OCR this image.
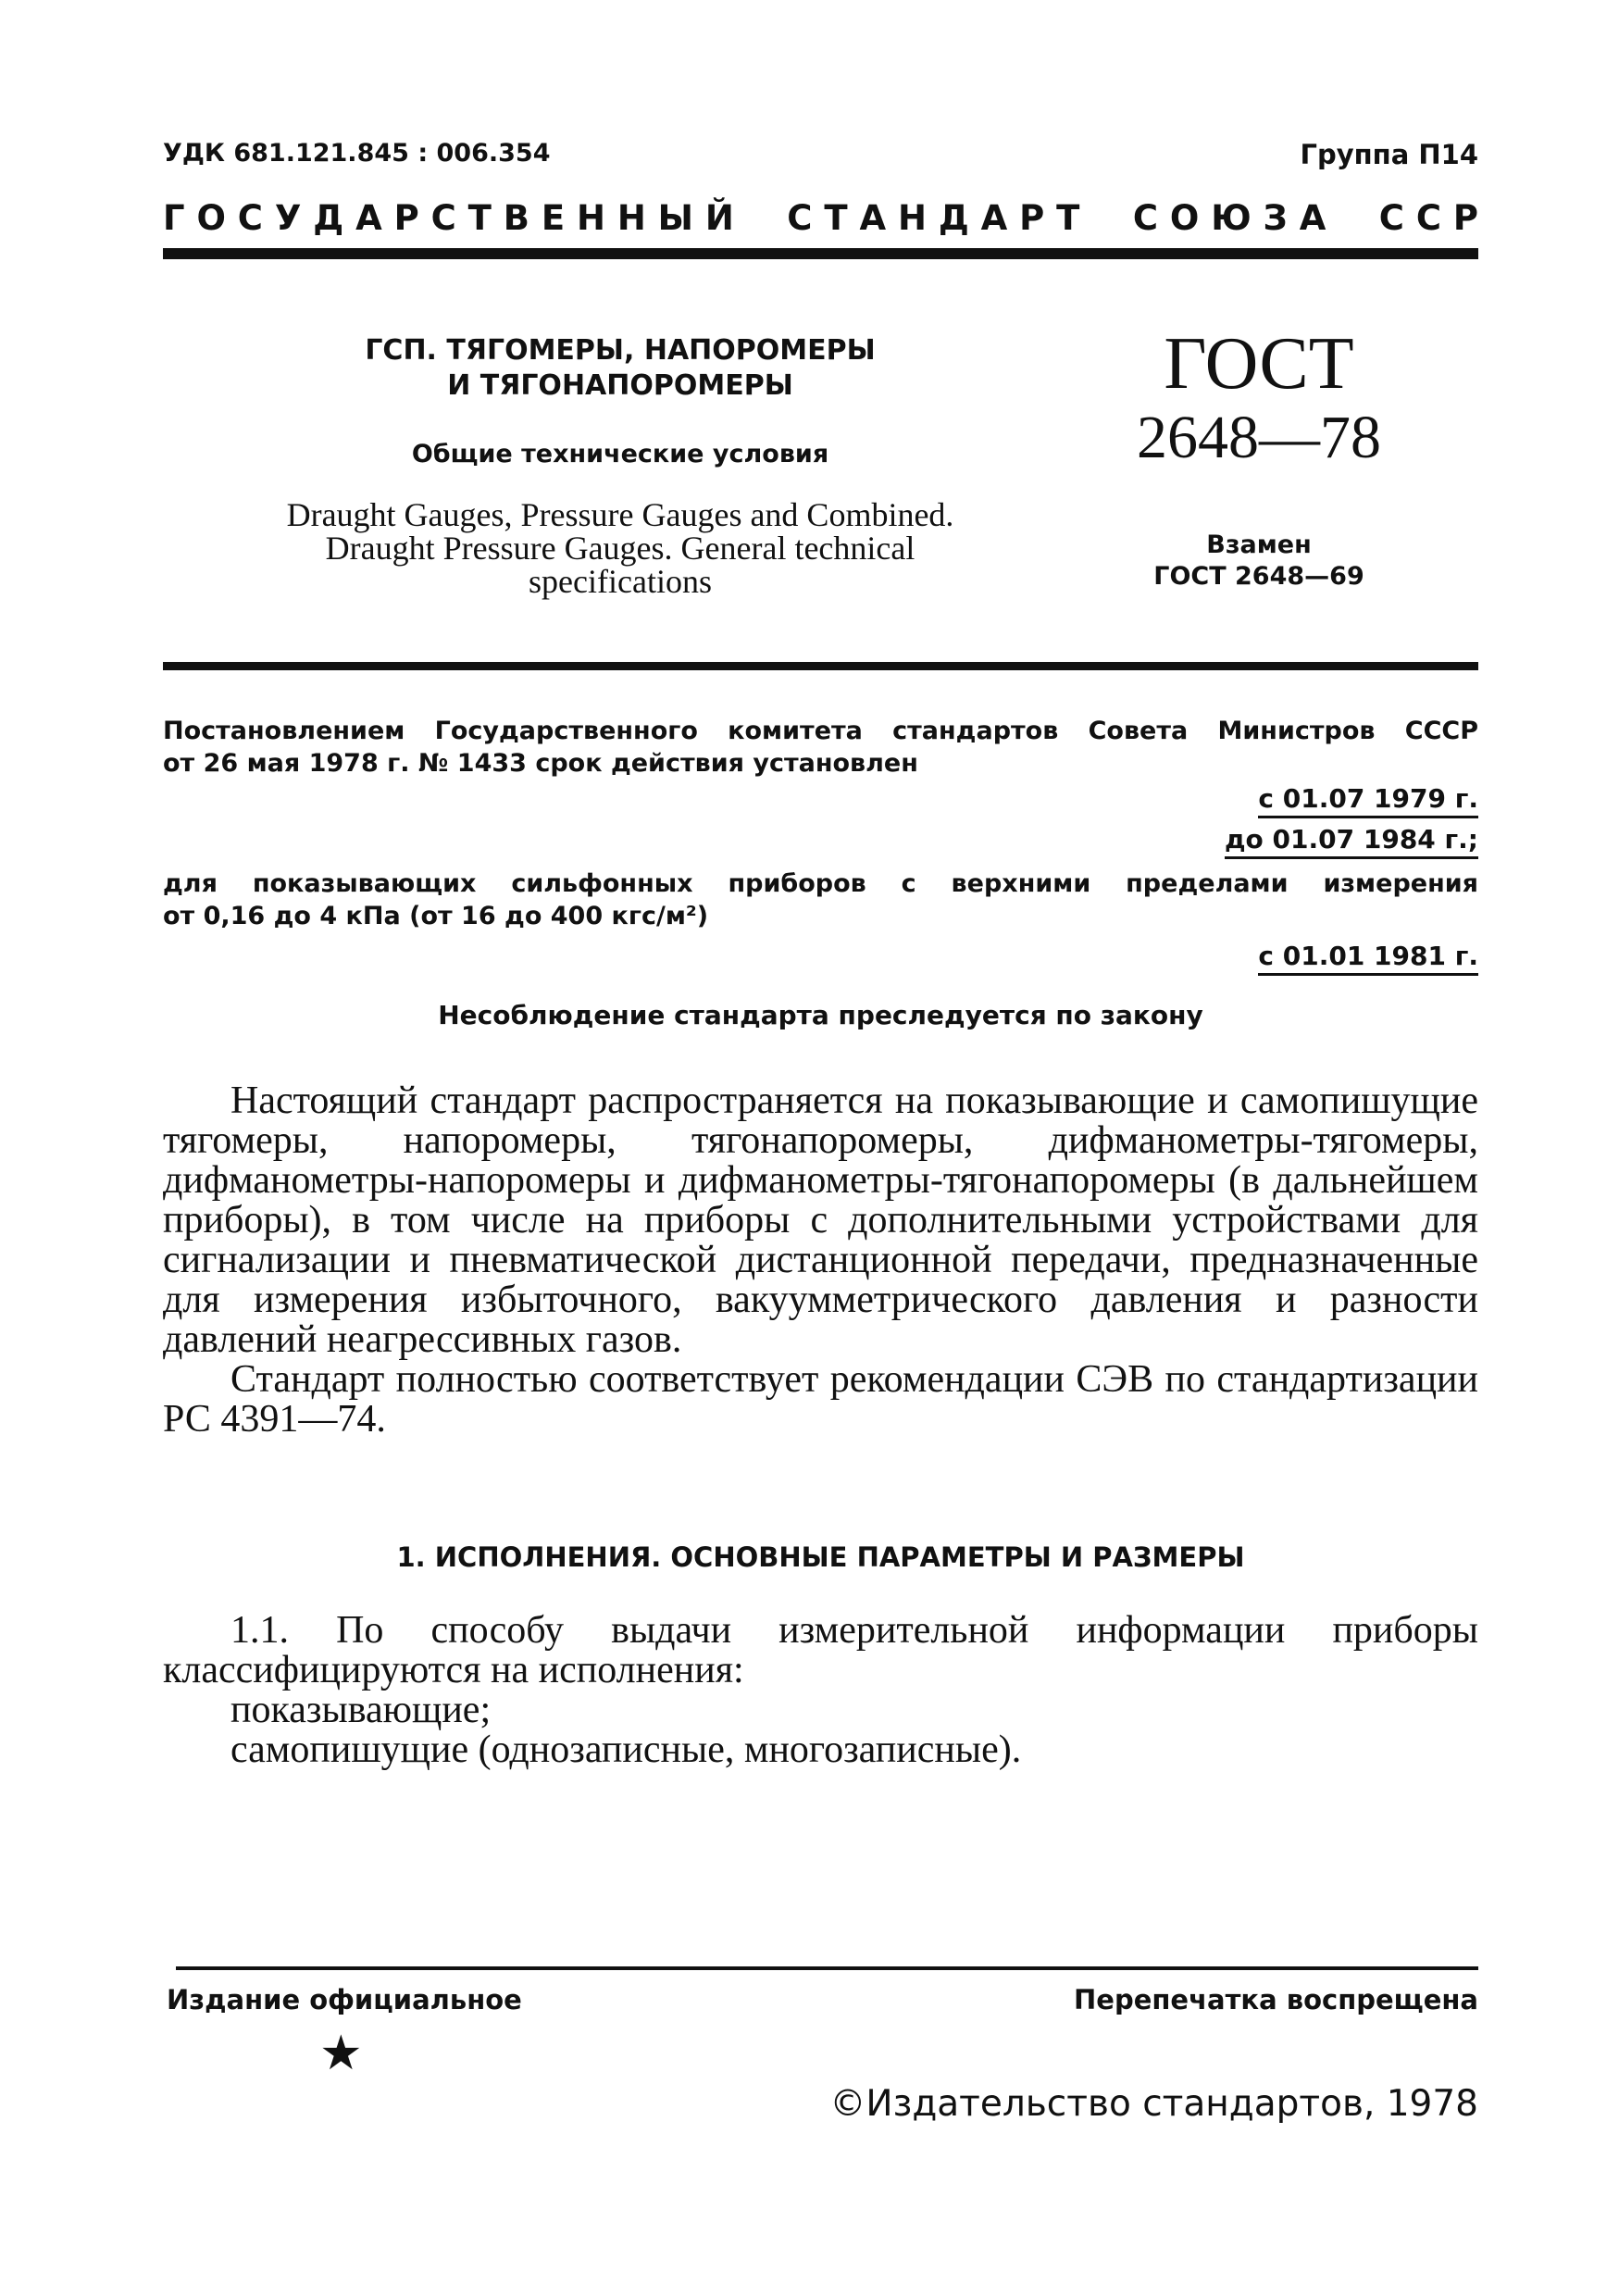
УДК 681.121.845 : 006.354	Группа П14
Г О С У Д А Р С Т В Е Н Н Ы Й С Т А Н Д А Р Т С О Ю З А С С Р
ГСП. ТЯГОМЕРЫ, НАПОРОМЕРЫ
И ТЯГОНАПОРОМЕРЫ
Общие технические условия
Draught Gauges, Pressure Gauges and Combined.
Draught Pressure Gauges. General technical
specifications
ГОСТ
2648—78
Взамен
ГОСТ 2648—69
Постановлением Государственного комитета стандартов Совета Министров СССР
от 26 мая 1978 г. № 1433 срок действия установлен
с 01.07 1979 г.
до 01.07 1984 г.;
для показывающих сильфонных приборов с верхними пределами измерения
от 0,16 до 4 кПа (от 16 до 400 кгс/м²)
с 01.01 1981 г.
Несоблюдение стандарта преследуется по закону

Настоящий стандарт распространяется на показывающие и самопишущие тягомеры, напоромеры, тягонапоромеры, дифманометры-тягомеры, дифманометры-напоромеры и дифманометры-тягонапоромеры (в дальнейшем приборы), в том числе на приборы с дополнительными устройствами для сигнализации и пневматической дистанционной передачи, предназначенные для измерения избыточного, вакуумметрического давления и разности давлений неагрессивных газов.

Стандарт полностью соответствует рекомендации СЭВ по стандартизации РС 4391—74.

1. ИСПОЛНЕНИЯ. ОСНОВНЫЕ ПАРАМЕТРЫ И РАЗМЕРЫ

1.1. По способу выдачи измерительной информации приборы классифицируются на исполнения:

показывающие;

самопишущие (однозаписные, многозаписные).

Издание официальное	Перепечатка воспрещена
★
©Издательство стандартов, 1978
